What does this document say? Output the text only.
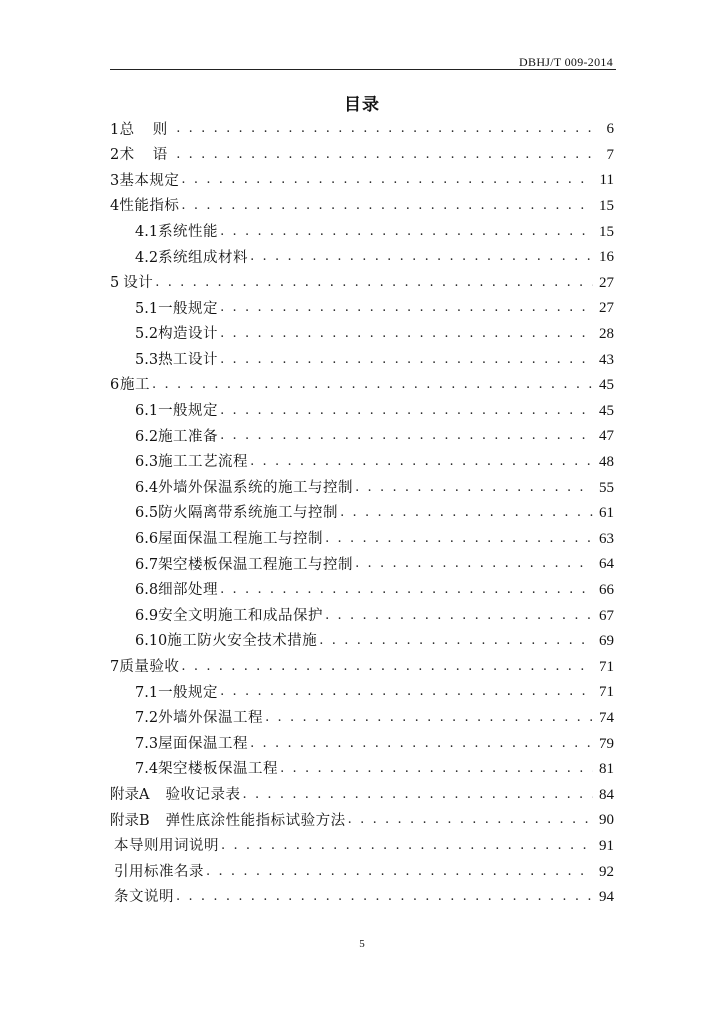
DBHJ/T 009-2014
目录
1 总 则 . . .	6
2 术 语 . . .	7
3 基本规定 . . .	11
4 性能指标 . . .	15
4.1 系统性能 . . .	15
4.2 系统组成材料 . . .	16
5 设计 . . .	27
5.1 一般规定 . . .	27
5.2 构造设计 . . .	28
5.3 热工设计 . . .	43
6 施工 . . .	45
6.1 一般规定 . . .	45
6.2 施工准备 . . .	47
6.3 施工工艺流程 . . .	48
6.4 外墙外保温系统的施工与控制 . . .	55
6.5 防火隔离带系统施工与控制 . . .	61
6.6 屋面保温工程施工与控制 . . .	63
6.7 架空楼板保温工程施工与控制 . . .	64
6.8 细部处理 . . .	66
6.9 安全文明施工和成品保护 . . .	67
6.10 施工防火安全技术措施 . . .	69
7 质量验收 . . .	71
7.1 一般规定 . . .	71
7.2 外墙外保温工程 . . .	74
7.3 屋面保温工程 . . .	79
7.4 架空楼板保温工程 . . .	81
附录A 验收记录表 . . .	84
附录B 弹性底涂性能指标试验方法 . . .	90
本导则用词说明 . . .	91
引用标准名录 . . .	92
条文说明 . . .	94
5
